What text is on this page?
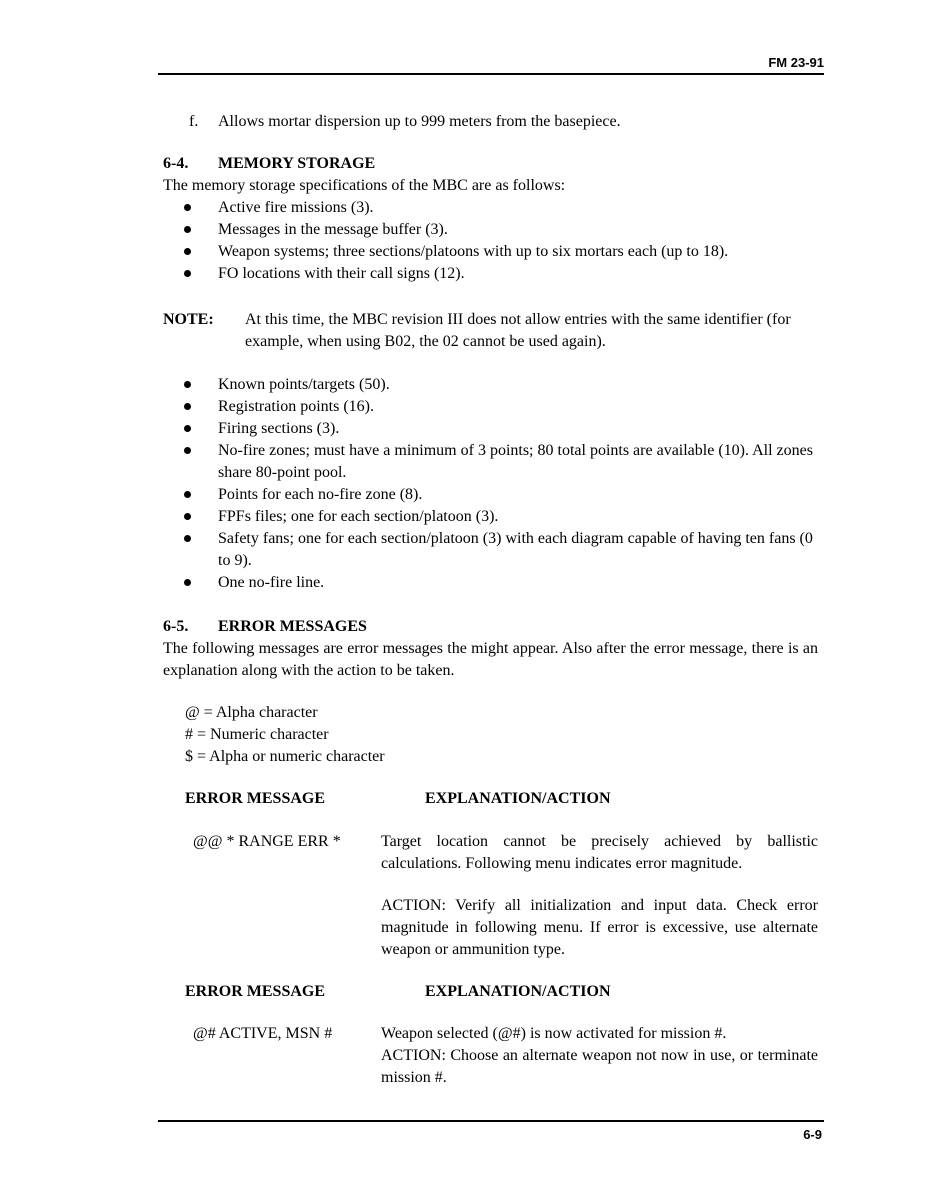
FM 23-91
f. Allows mortar dispersion up to 999 meters from the basepiece.
6-4. MEMORY STORAGE
The memory storage specifications of the MBC are as follows:
Active fire missions (3).
Messages in the message buffer (3).
Weapon systems; three sections/platoons with up to six mortars each (up to 18).
FO locations with their call signs (12).
NOTE: At this time, the MBC revision III does not allow entries with the same identifier (for example, when using B02, the 02 cannot be used again).
Known points/targets (50).
Registration points (16).
Firing sections (3).
No-fire zones; must have a minimum of 3 points; 80 total points are available (10). All zones share 80-point pool.
Points for each no-fire zone (8).
FPFs files; one for each section/platoon (3).
Safety fans; one for each section/platoon (3) with each diagram capable of having ten fans (0 to 9).
One no-fire line.
6-5. ERROR MESSAGES
The following messages are error messages the might appear. Also after the error message, there is an explanation along with the action to be taken.
@ = Alpha character
# = Numeric character
$ = Alpha or numeric character
ERROR MESSAGE	EXPLANATION/ACTION
@@ * RANGE ERR *	Target location cannot be precisely achieved by ballistic calculations. Following menu indicates error magnitude.
ACTION: Verify all initialization and input data. Check error magnitude in following menu. If error is excessive, use alternate weapon or ammunition type.
ERROR MESSAGE	EXPLANATION/ACTION
@# ACTIVE, MSN #	Weapon selected (@#) is now activated for mission #.
ACTION: Choose an alternate weapon not now in use, or terminate mission #.
6-9
